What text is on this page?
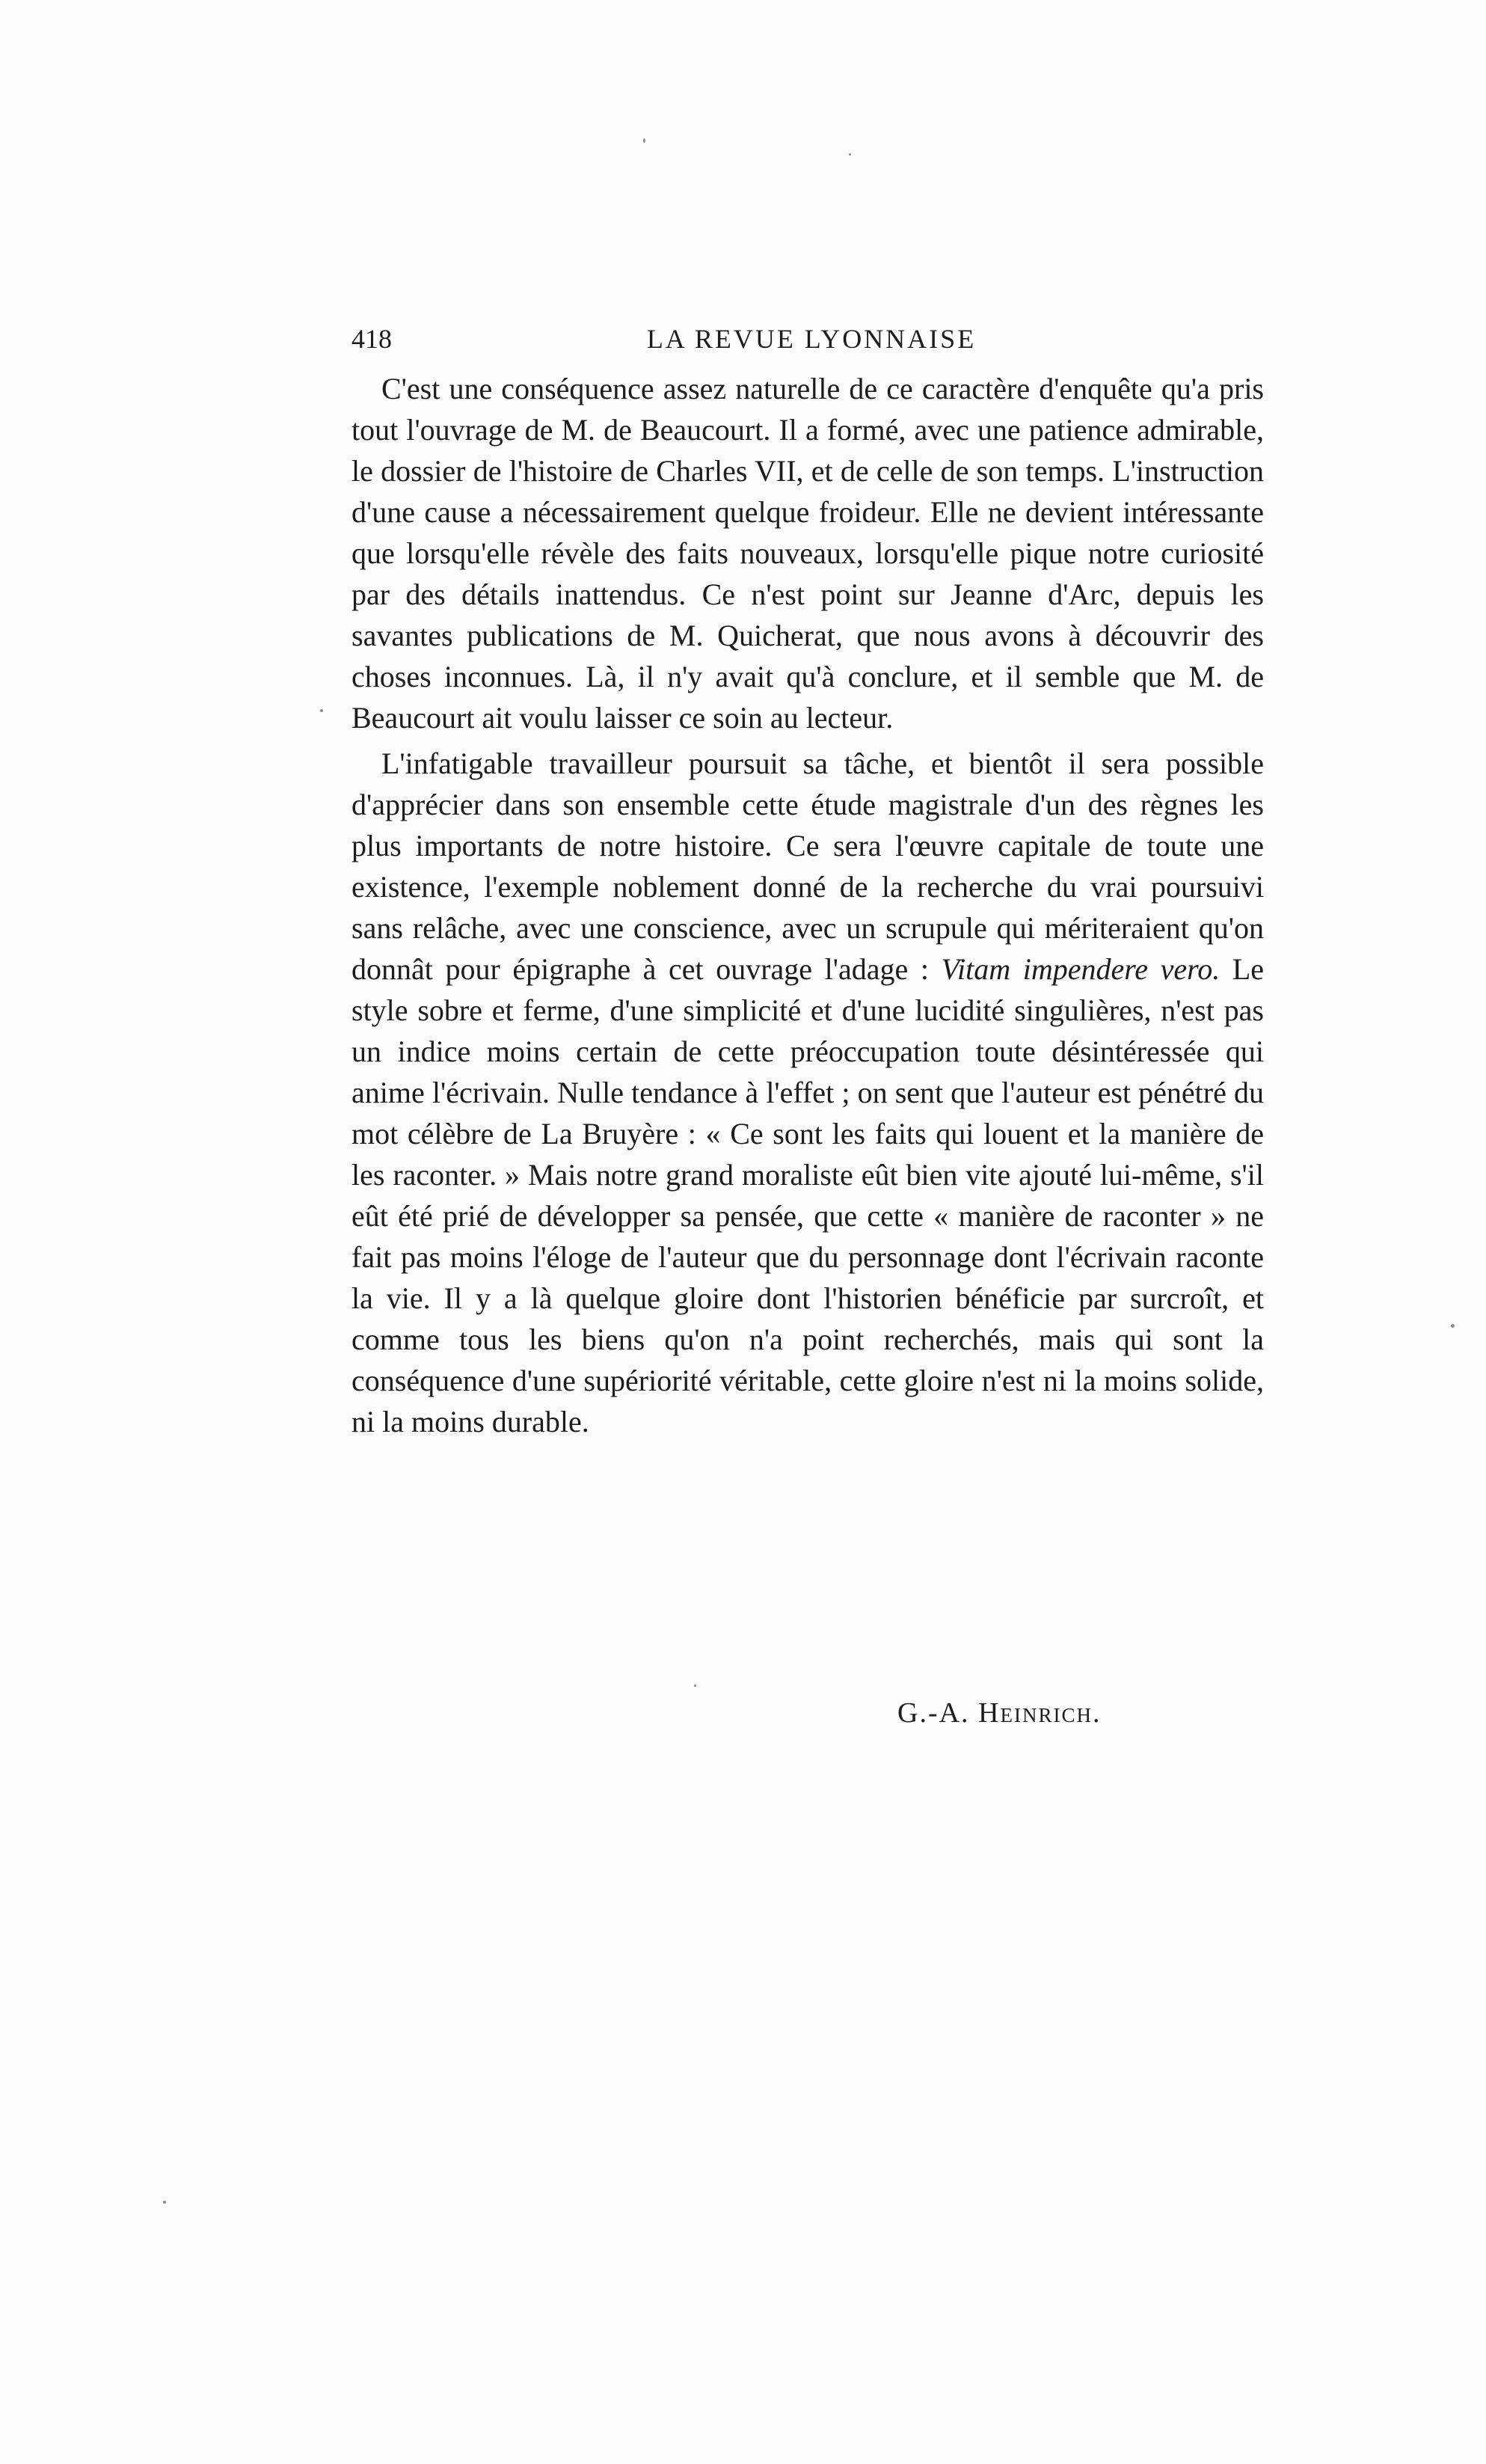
418	LA REVUE LYONNAISE

C'est une conséquence assez naturelle de ce caractère d'enquête qu'a pris tout l'ouvrage de M. de Beaucourt. Il a formé, avec une patience admirable, le dossier de l'histoire de Charles VII, et de celle de son temps. L'instruction d'une cause a nécessairement quelque froideur. Elle ne devient intéressante que lorsqu'elle révèle des faits nouveaux, lorsqu'elle pique notre curiosité par des détails inattendus. Ce n'est point sur Jeanne d'Arc, depuis les savantes publications de M. Quicherat, que nous avons à découvrir des choses inconnues. Là, il n'y avait qu'à conclure, et il semble que M. de Beaucourt ait voulu laisser ce soin au lecteur.

L'infatigable travailleur poursuit sa tâche, et bientôt il sera possible d'apprécier dans son ensemble cette étude magistrale d'un des règnes les plus importants de notre histoire. Ce sera l'œuvre capitale de toute une existence, l'exemple noblement donné de la recherche du vrai poursuivi sans relâche, avec une conscience, avec un scrupule qui mériteraient qu'on donnât pour épigraphe à cet ouvrage l'adage : Vitam impendere vero. Le style sobre et ferme, d'une simplicité et d'une lucidité singulières, n'est pas un indice moins certain de cette préoccupation toute désintéressée qui anime l'écrivain. Nulle tendance à l'effet ; on sent que l'auteur est pénétré du mot célèbre de La Bruyère : « Ce sont les faits qui louent et la manière de les raconter. » Mais notre grand moraliste eût bien vite ajouté lui-même, s'il eût été prié de développer sa pensée, que cette « manière de raconter » ne fait pas moins l'éloge de l'auteur que du personnage dont l'écrivain raconte la vie. Il y a là quelque gloire dont l'historien bénéficie par surcroît, et comme tous les biens qu'on n'a point recherchés, mais qui sont la conséquence d'une supériorité véritable, cette gloire n'est ni la moins solide, ni la moins durable.

G.-A. Heinrich.
